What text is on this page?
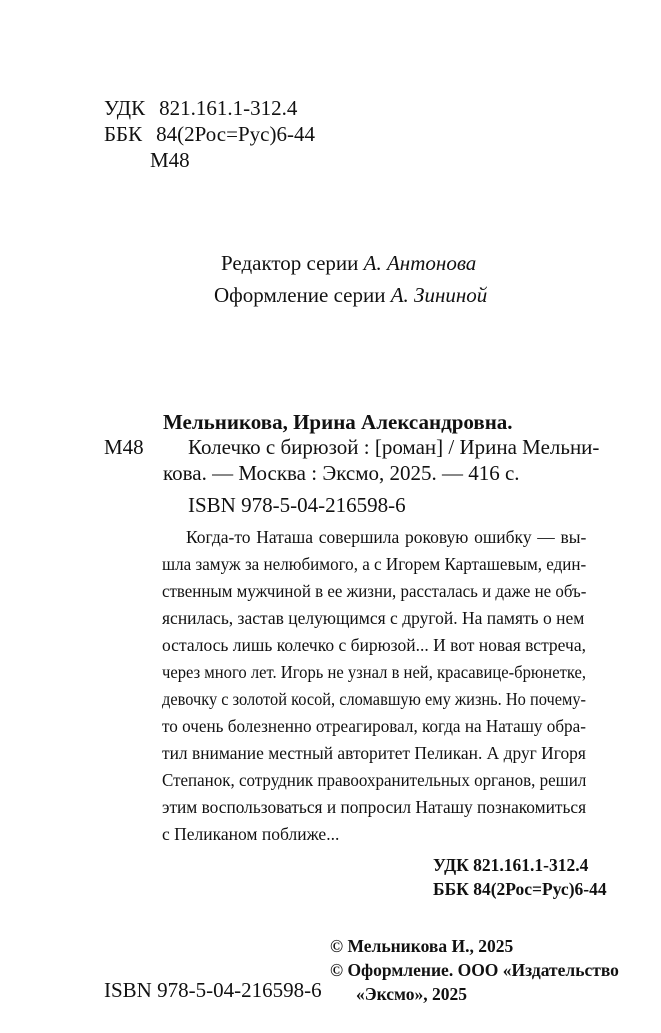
УДК 821.161.1-312.4
ББК 84(2Рос=Рус)6-44
М48
Редактор серии А. Антонова
Оформление серии А. Зининой
Мельникова, Ирина Александровна.
М48 Колечко с бирюзой : [роман] / Ирина Мельни-
кова. — Москва : Эксмо, 2025. — 416 с.
ISBN 978-5-04-216598-6
Когда-то Наташа совершила роковую ошибку — вы-
шла замуж за нелюбимого, а с Игорем Карташевым, един-
ственным мужчиной в ее жизни, рассталась и даже не объ-
яснилась, застав целующимся с другой. На память о нем
осталось лишь колечко с бирюзой... И вот новая встреча,
через много лет. Игорь не узнал в ней, красавице-брюнетке,
девочку с золотой косой, сломавшую ему жизнь. Но почему-
то очень болезненно отреагировал, когда на Наташу обра-
тил внимание местный авторитет Пеликан. А друг Игоря
Степанок, сотрудник правоохранительных органов, решил
этим воспользоваться и попросил Наташу познакомиться
с Пеликаном поближе...
УДК 821.161.1-312.4
ББК 84(2Рос=Рус)6-44
ISBN 978-5-04-216598-6
© Мельникова И., 2025
© Оформление. ООО «Издательство
«Эксмо», 2025
